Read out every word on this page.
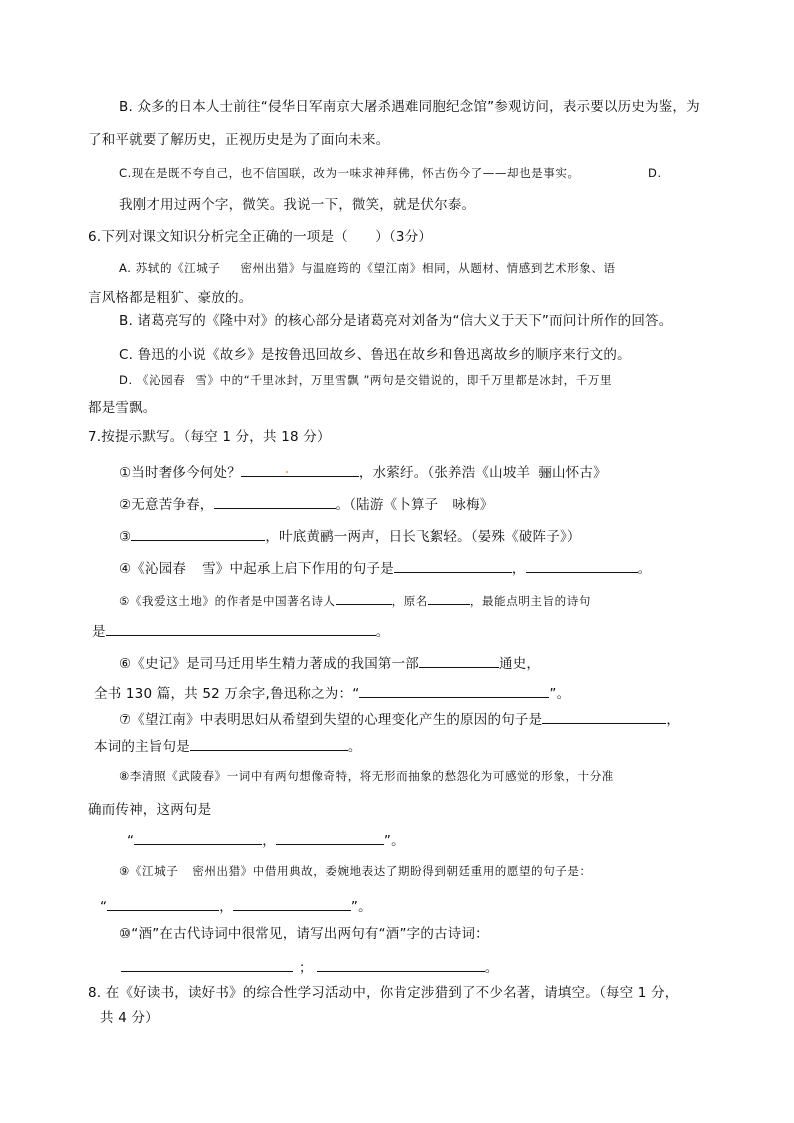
B. 众多的日本人士前往“侵华日军南京大屠杀遇难同胞纪念馆”参观访问，表示要以历史为鉴，为
了和平就要了解历史，正视历史是为了面向未来。
C.现在是既不夸自己，也不信国联，改为一味求神拜佛，怀古伤今了——却也是事实。	D.
我刚才用过两个字，微笑。我说一下，微笑，就是伏尔泰。
6.下列对课文知识分析完全正确的一项是（　　）（3分）
A. 苏轼的《江城子 密州出猎》与温庭筠的《望江南》相同，从题材、情感到艺术形象、语
言风格都是粗犷、豪放的。
B. 诸葛亮写的《隆中对》的核心部分是诸葛亮对刘备为“信大义于天下”而问计所作的回答。
C. 鲁迅的小说《故乡》是按鲁迅回故乡、鲁迅在故乡和鲁迅离故乡的顺序来行文的。
D. 《沁园春 雪》中的“千里冰封，万里雪飘 ”两句是交错说的，即千万里都是冰封，千万里
都是雪飘。
7.按提示默写。（每空 1 分，共 18 分）
①当时奢侈今何处？	，水萦纡。（张养浩《山坡羊 骊山怀古》
②无意苦争春，	。（陆游《卜算子 咏梅》
③	，叶底黄鹂一两声，日长飞絮轻。（晏殊《破阵子》）
④《沁园春 雪》中起承上启下作用的句子是	，	。
⑤《我爱这土地》的作者是中国著名诗人	，原名	，最能点明主旨的诗句
是	。
⑥《史记》是司马迁用毕生精力著成的我国第一部	通史，
全书 130 篇，共 52 万余字,鲁迅称之为：“	”。
⑦《望江南》中表明思妇从希望到失望的心理变化产生的原因的句子是	，
本词的主旨句是	。
⑧李清照《武陵春》一词中有两句想像奇特，将无形而抽象的愁怨化为可感觉的形象，十分准
确而传神，这两句是
“	，	”。
⑨《江城子 密州出猎》中借用典故，委婉地表达了期盼得到朝廷重用的愿望的句子是：
“	，	”。
⑩“酒”在古代诗词中很常见，请写出两句有“酒”字的古诗词：
；	。
8. 在《好读书，读好书》的综合性学习活动中，你肯定涉猎到了不少名著，请填空。（每空 1 分，
共 4 分）
